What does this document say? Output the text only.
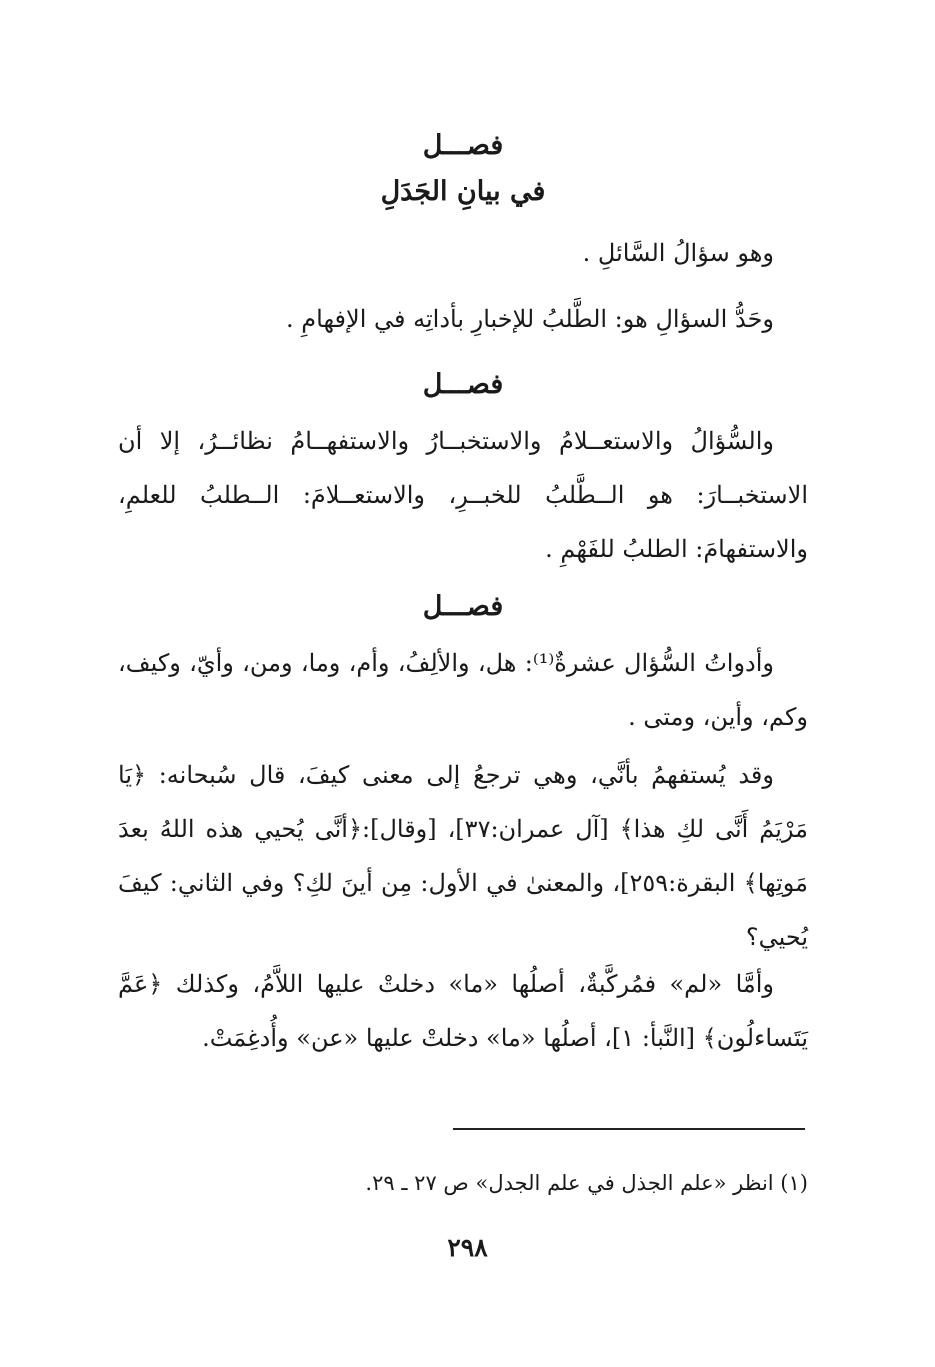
فصـــل
في بيانِ الجَدَلِ
وهو سؤالُ السَّائلِ .
وحَدُّ السؤالِ هو: الطَّلبُ للإخبارِ بأداتِه في الإفهامِ .
فصـــل
والسُّؤالُ والاستعــلامُ والاستخبــارُ والاستفهــامُ نظائــرُ، إلا أن الاستخبــارَ: هو الــطَّلبُ للخبــرِ، والاستعــلامَ: الــطلبُ للعلمِ، والاستفهامَ: الطلبُ للفَهْمِ .
فصـــل
وأدواتُ السُّؤال عشرةٌ⁽¹⁾: هل، والألِفُ، وأم، وما، ومن، وأيّ، وكيف، وكم، وأين، ومتى .
وقد يُستفهمُ بأنَّي، وهي ترجعُ إلى معنى كيفَ، قال سُبحانه: ﴿يَا مَرْيَمُ أَنَّى لكِ هذا﴾ [آل عمران:٣٧]، [وقال]:﴿أنَّى يُحيي هذه اللهُ بعدَ مَوتِها﴾ البقرة:٢٥٩]، والمعنىٰ في الأول: مِن أينَ لكِ؟ وفي الثاني: كيفَ يُحيي؟
وأمَّا «لم» فمُركَّبةٌ، أصلُها «ما» دخلتْ عليها اللاَّمُ، وكذلك ﴿عَمَّ يَتَساءلُون﴾ [النَّبأ: ١]، أصلُها «ما» دخلتْ عليها «عن» وأُدغِمَتْ.
(١) انظر «علم الجذل في علم الجدل» ص ٢٧ ـ ٢٩.
٢٩٨
